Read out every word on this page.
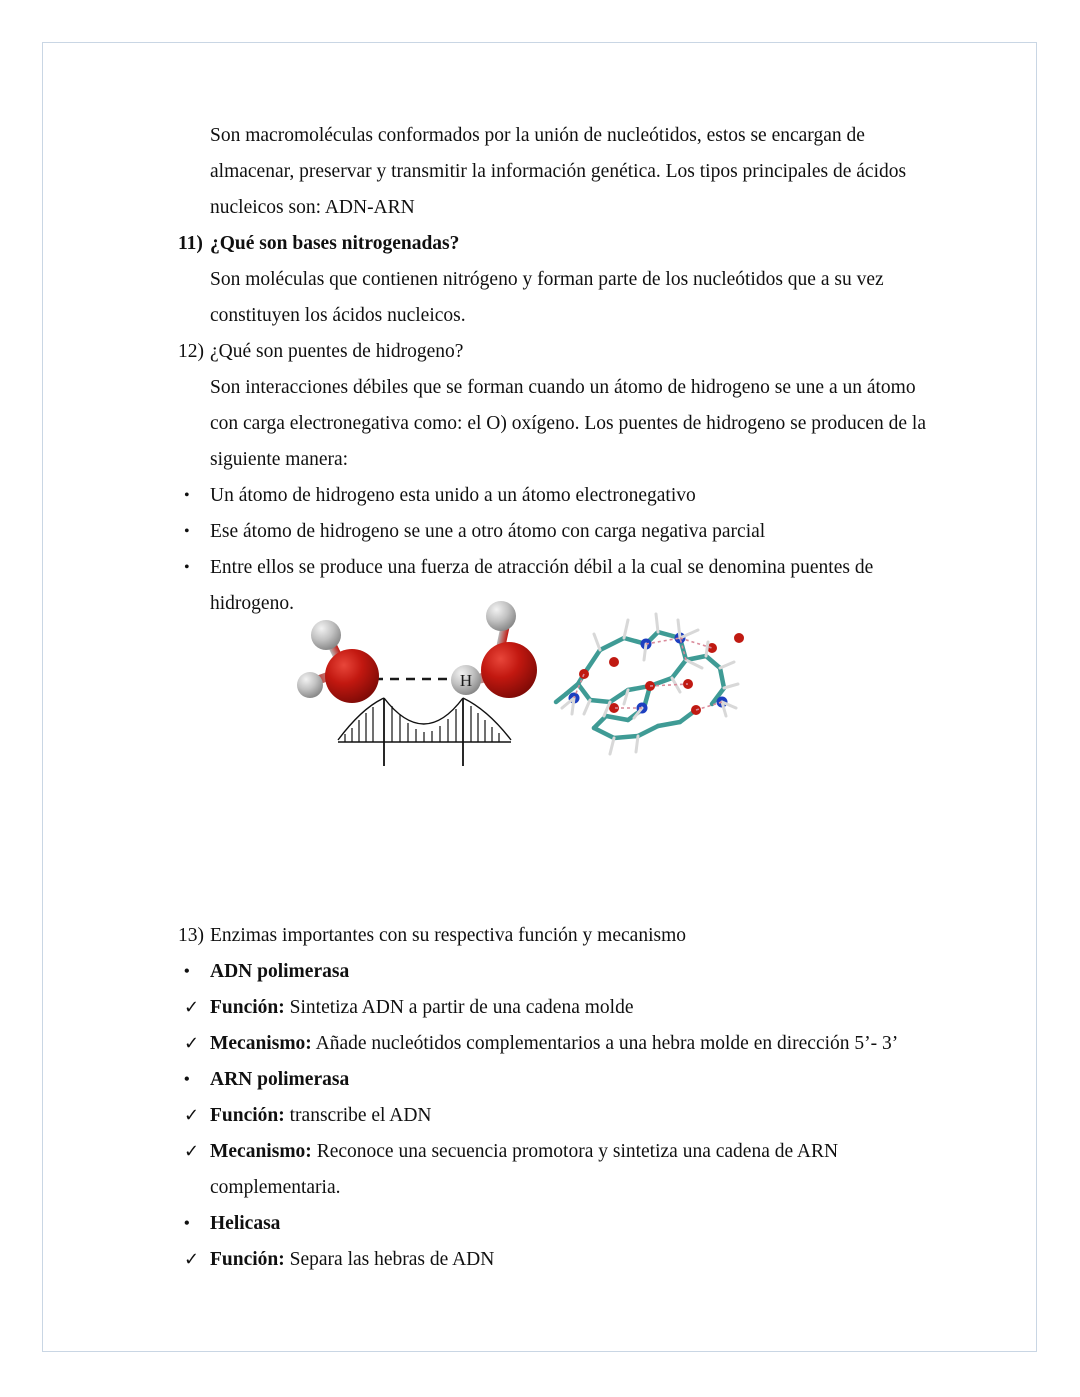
Son macromoléculas conformados por la unión de nucleótidos, estos se encargan de almacenar, preservar y transmitir la información genética. Los tipos principales de ácidos nucleicos son: ADN-ARN

11) ¿Qué son bases nitrogenadas?

Son moléculas que contienen nitrógeno y forman parte de los nucleótidos que a su vez constituyen los ácidos nucleicos.

12) ¿Qué son puentes de hidrogeno?

Son interacciones débiles que se forman cuando un átomo de hidrogeno se une a un átomo con carga electronegativa como: el O) oxígeno. Los puentes de hidrogeno se producen de la siguiente manera:

•	Un átomo de hidrogeno esta unido a un átomo electronegativo
•	Ese átomo de hidrogeno se une a otro átomo con carga negativa parcial
•	Entre ellos se produce una fuerza de atracción débil a la cual se denomina puentes de hidrogeno.
H

13) Enzimas importantes con su respectiva función y mecanismo

•	ADN polimerasa
✓ Función: Sintetiza ADN a partir de una cadena molde
✓ Mecanismo: Añade nucleótidos complementarios a una hebra molde en dirección 5’- 3’
•	ARN polimerasa
✓ Función: transcribe el ADN
✓ Mecanismo: Reconoce una secuencia promotora y sintetiza una cadena de ARN complementaria.
•	Helicasa
✓ Función: Separa las hebras de ADN
